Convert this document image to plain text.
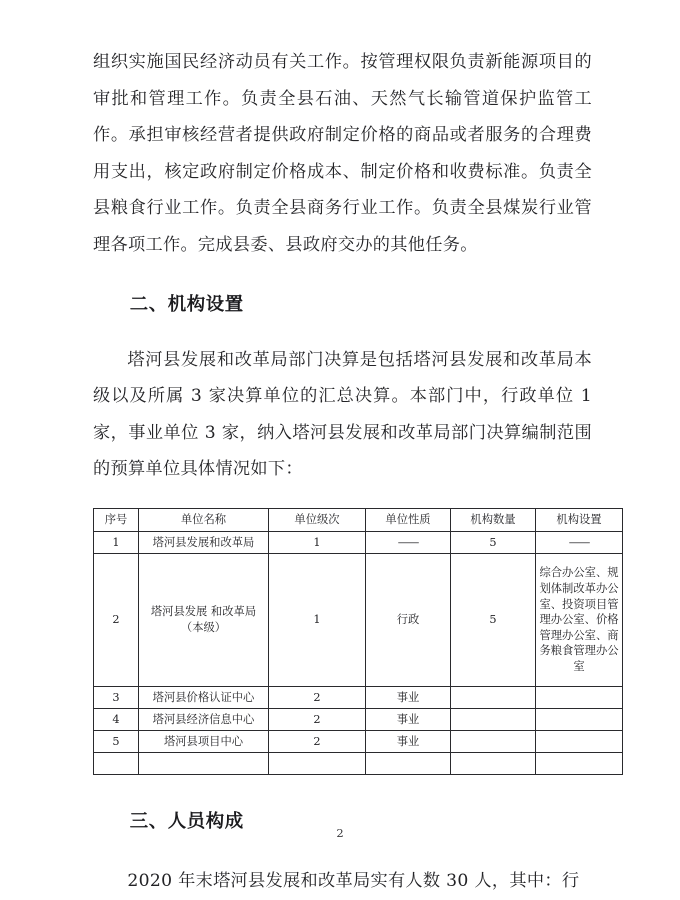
组织实施国民经济动员有关工作。按管理权限负责新能源项目的审批和管理工作。负责全县石油、天然气长输管道保护监管工作。承担审核经营者提供政府制定价格的商品或者服务的合理费用支出，核定政府制定价格成本、制定价格和收费标准。负责全县粮食行业工作。负责全县商务行业工作。负责全县煤炭行业管理各项工作。完成县委、县政府交办的其他任务。

二、机构设置

塔河县发展和改革局部门决算是包括塔河县发展和改革局本级以及所属 3 家决算单位的汇总决算。本部门中，行政单位 1 家，事业单位 3 家，纳入塔河县发展和改革局部门决算编制范围的预算单位具体情况如下：

序号	单位名称	单位级次	单位性质	机构数量	机构设置
1	塔河县发展和改革局	1	——	5	——
2	塔河县发展 和改革局（本级）	1	行政	5	综合办公室、规划体制改革办公室、投资项目管理办公室、价格管理办公室、商务粮食管理办公室
3	塔河县价格认证中心	2	事业		
4	塔河县经济信息中心	2	事业		
5	塔河县项目中心	2	事业		

三、人员构成

2020 年末塔河县发展和改革局实有人数 30 人，其中：行

2
